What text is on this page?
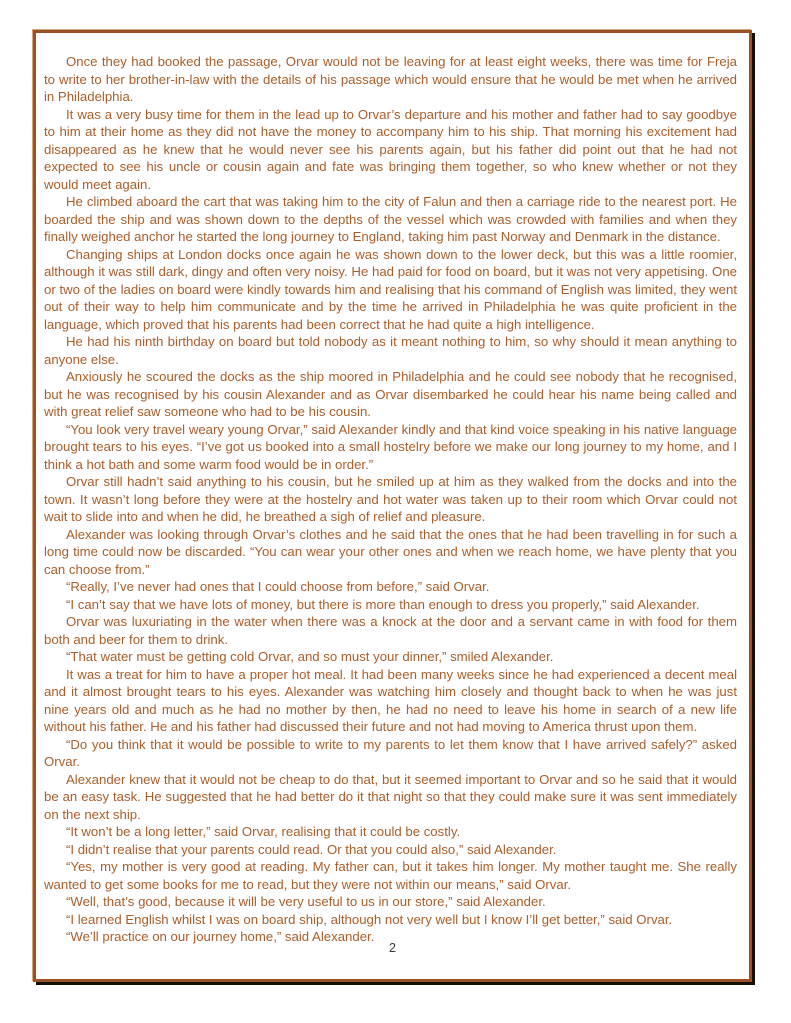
Once they had booked the passage, Orvar would not be leaving for at least eight weeks, there was time for Freja to write to her brother-in-law with the details of his passage which would ensure that he would be met when he arrived in Philadelphia.

It was a very busy time for them in the lead up to Orvar’s departure and his mother and father had to say goodbye to him at their home as they did not have the money to accompany him to his ship. That morning his excitement had disappeared as he knew that he would never see his parents again, but his father did point out that he had not expected to see his uncle or cousin again and fate was bringing them together, so who knew whether or not they would meet again.

He climbed aboard the cart that was taking him to the city of Falun and then a carriage ride to the nearest port. He boarded the ship and was shown down to the depths of the vessel which was crowded with families and when they finally weighed anchor he started the long journey to England, taking him past Norway and Denmark in the distance.

Changing ships at London docks once again he was shown down to the lower deck, but this was a little roomier, although it was still dark, dingy and often very noisy. He had paid for food on board, but it was not very appetising. One or two of the ladies on board were kindly towards him and realising that his command of English was limited, they went out of their way to help him communicate and by the time he arrived in Philadelphia he was quite proficient in the language, which proved that his parents had been correct that he had quite a high intelligence.

He had his ninth birthday on board but told nobody as it meant nothing to him, so why should it mean anything to anyone else.

Anxiously he scoured the docks as the ship moored in Philadelphia and he could see nobody that he recognised, but he was recognised by his cousin Alexander and as Orvar disembarked he could hear his name being called and with great relief saw someone who had to be his cousin.

“You look very travel weary young Orvar,” said Alexander kindly and that kind voice speaking in his native language brought tears to his eyes. “I’ve got us booked into a small hostelry before we make our long journey to my home, and I think a hot bath and some warm food would be in order.”

Orvar still hadn’t said anything to his cousin, but he smiled up at him as they walked from the docks and into the town. It wasn’t long before they were at the hostelry and hot water was taken up to their room which Orvar could not wait to slide into and when he did, he breathed a sigh of relief and pleasure.

Alexander was looking through Orvar’s clothes and he said that the ones that he had been travelling in for such a long time could now be discarded. “You can wear your other ones and when we reach home, we have plenty that you can choose from.”

“Really, I’ve never had ones that I could choose from before,” said Orvar.

“I can’t say that we have lots of money, but there is more than enough to dress you properly,” said Alexander.

Orvar was luxuriating in the water when there was a knock at the door and a servant came in with food for them both and beer for them to drink.

“That water must be getting cold Orvar, and so must your dinner,” smiled Alexander.

It was a treat for him to have a proper hot meal. It had been many weeks since he had experienced a decent meal and it almost brought tears to his eyes. Alexander was watching him closely and thought back to when he was just nine years old and much as he had no mother by then, he had no need to leave his home in search of a new life without his father. He and his father had discussed their future and not had moving to America thrust upon them.

“Do you think that it would be possible to write to my parents to let them know that I have arrived safely?” asked Orvar.

Alexander knew that it would not be cheap to do that, but it seemed important to Orvar and so he said that it would be an easy task. He suggested that he had better do it that night so that they could make sure it was sent immediately on the next ship.

“It won’t be a long letter,” said Orvar, realising that it could be costly.

“I didn’t realise that your parents could read. Or that you could also,” said Alexander.

“Yes, my mother is very good at reading. My father can, but it takes him longer. My mother taught me. She really wanted to get some books for me to read, but they were not within our means,” said Orvar.

“Well, that’s good, because it will be very useful to us in our store,” said Alexander.

“I learned English whilst I was on board ship, although not very well but I know I’ll get better,” said Orvar.

“We’ll practice on our journey home,” said Alexander.

2
